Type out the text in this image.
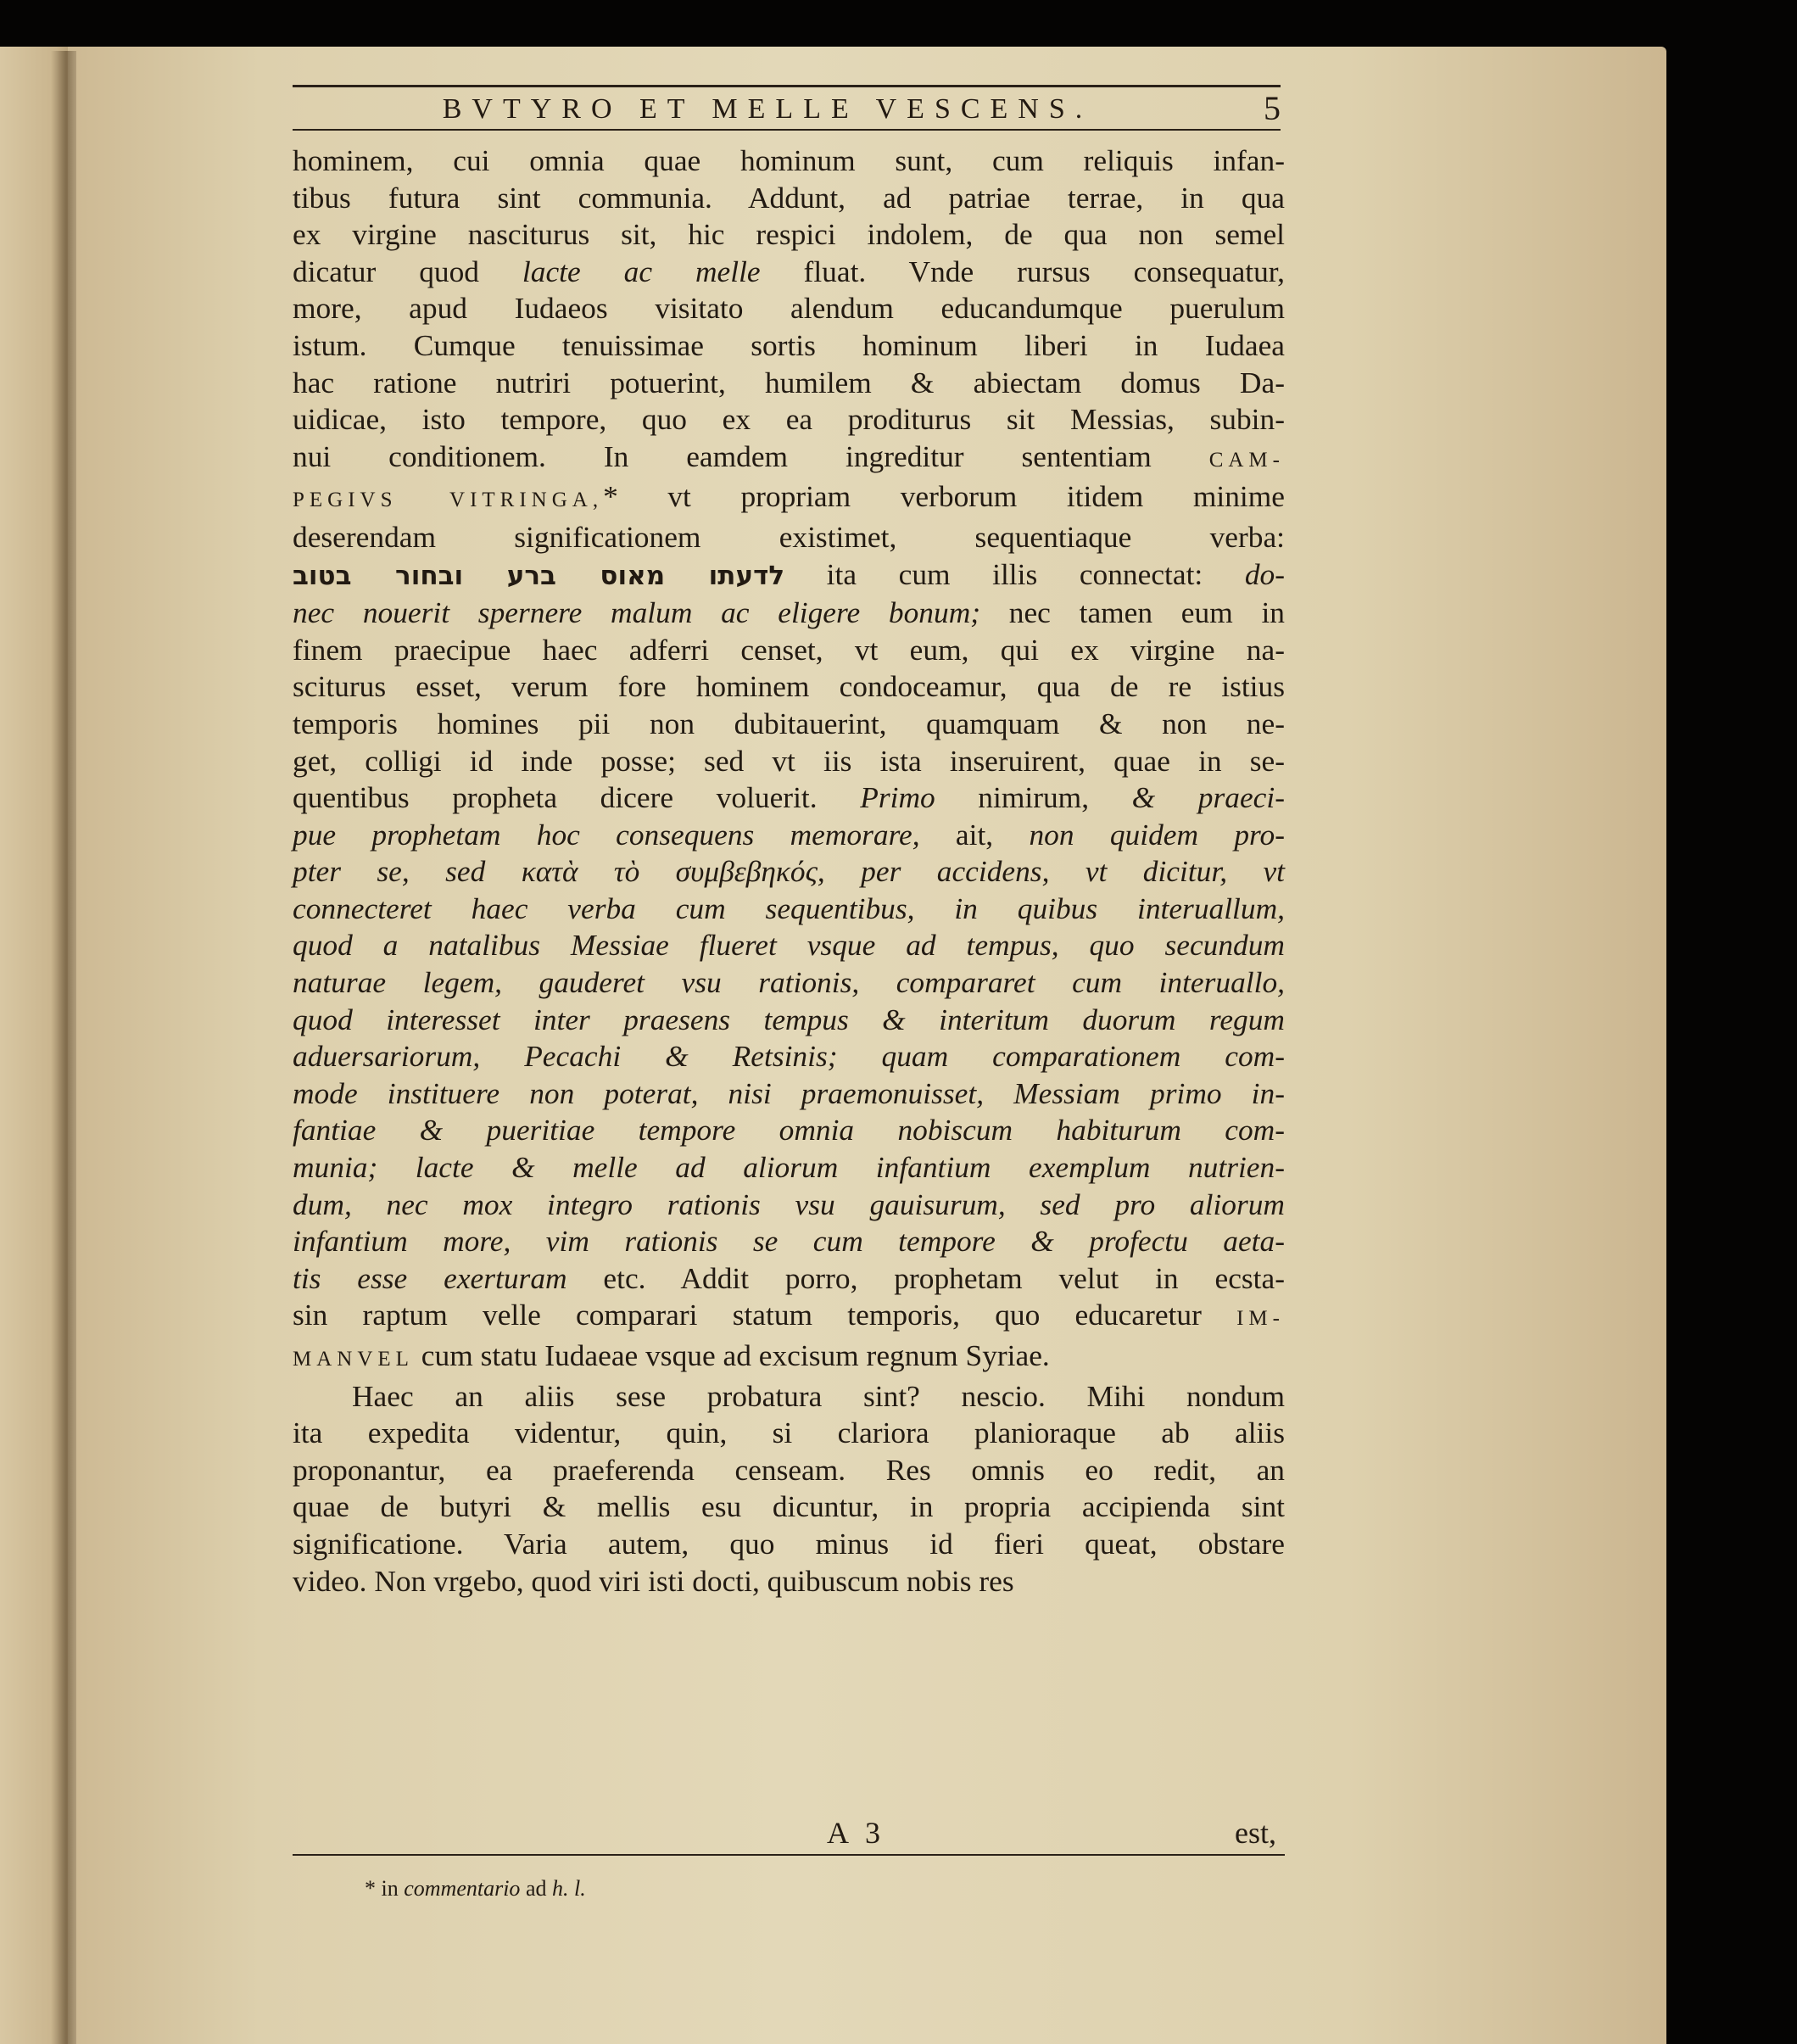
BVTYRO ET MELLE VESCENS.	5

hominem, cui omnia quae hominum sunt, cum reliquis infan-

tibus futura sint communia. Addunt, ad patriae terrae, in qua

ex virgine nasciturus sit, hic respici indolem, de qua non semel

dicatur quod lacte ac melle fluat. Vnde rursus consequatur,

more, apud Iudaeos visitato alendum educandumque puerulum

istum. Cumque tenuissimae sortis hominum liberi in Iudaea

hac ratione nutriri potuerint, humilem & abiectam domus Da-

uidicae, isto tempore, quo ex ea proditurus sit Messias, subin-

nui conditionem. In eamdem ingreditur sententiam CAM-

PEGIVS VITRINGA,* vt propriam verborum itidem minime

deserendam significationem existimet, sequentiaque verba:

לדעתו מאוס ברע ובחור בטוב ita cum illis connectat: do-

nec nouerit spernere malum ac eligere bonum; nec tamen eum in

finem praecipue haec adferri censet, vt eum, qui ex virgine na-

sciturus esset, verum fore hominem condoceamur, qua de re istius

temporis homines pii non dubitauerint, quamquam & non ne-

get, colligi id inde posse; sed vt iis ista inseruirent, quae in se-

quentibus propheta dicere voluerit. Primo nimirum, & praeci-

pue prophetam hoc consequens memorare, ait, non quidem pro-

pter se, sed κατὰ τὸ συμβεβηκός, per accidens, vt dicitur, vt

connecteret haec verba cum sequentibus, in quibus interuallum,

quod a natalibus Messiae flueret vsque ad tempus, quo secundum

naturae legem, gauderet vsu rationis, compararet cum interuallo,

quod interesset inter praesens tempus & interitum duorum regum

aduersariorum, Pecachi & Retsinis; quam comparationem com-

mode instituere non poterat, nisi praemonuisset, Messiam primo in-

fantiae & pueritiae tempore omnia nobiscum habiturum com-

munia; lacte & melle ad aliorum infantium exemplum nutrien-

dum, nec mox integro rationis vsu gauisurum, sed pro aliorum

infantium more, vim rationis se cum tempore & profectu aeta-

tis esse exerturam etc. Addit porro, prophetam velut in ecsta-

sin raptum velle comparari statum temporis, quo educaretur IM-

MANVEL cum statu Iudaeae vsque ad excisum regnum Syriae.

Haec an aliis sese probatura sint? nescio. Mihi nondum

ita expedita videntur, quin, si clariora planioraque ab aliis

proponantur, ea praeferenda censeam. Res omnis eo redit, an

quae de butyri & mellis esu dicuntur, in propria accipienda sint

significatione. Varia autem, quo minus id fieri queat, obstare

video. Non vrgebo, quod viri isti docti, quibuscum nobis res

A 3	est,
* in commentario ad h. l.
